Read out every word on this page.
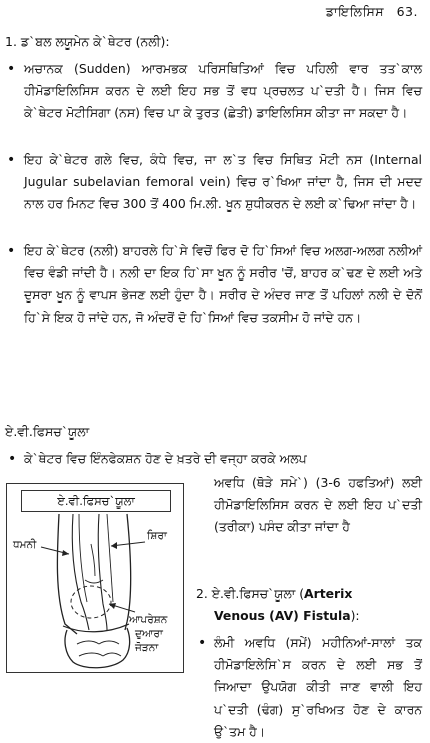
ਡਾਇਲਿਸਿਸ 63.
1. ਡ`ਬਲ ਲਯੂਮੇਨ ਕੇ`ਥੇਟਰ (ਨਲੀ):
• ਅਚਾਨਕ (Sudden) ਆਰਮਭਕ ਪਰਿਸਥਿਤਿਆਂ ਵਿਚ ਪਹਿਲੀ ਵਾਰ ਤਤ`ਕਾਲ ਹੀਮੋਡਾਇਲਿਸਿਸ ਕਰਨ ਦੇ ਲਈ ਇਹ ਸਭ ਤੋਂ ਵਧ ਪ੍ਰਚਲਤ ਪ`ਦਤੀ ਹੈ। ਜਿਸ ਵਿਚ ਕੇ`ਥੇਟਰ ਮੋਟੀਸਿਗਾ (ਨਸ) ਵਿਚ ਪਾ ਕੇ ਤੁਰਤ (ਛੇਤੀ) ਡਾਇਲਿਸਿਸ ਕੀਤਾ ਜਾ ਸਕਦਾ ਹੈ।
• ਇਹ ਕੇ`ਥੇਟਰ ਗਲੇ ਵਿਚ, ਕੰਧੇ ਵਿਚ, ਜਾ ਲ`ਤ ਵਿਚ ਸਿਥਿਤ ਮੋਟੀ ਨਸ (Internal Jugular subelavian femoral vein) ਵਿਚ ਰ`ਖਿਆ ਜਾਂਦਾ ਹੈ, ਜਿਸ ਦੀ ਮਦਦ ਨਾਲ ਹਰ ਮਿਨਟ ਵਿਚ 300 ਤੋਂ 400 ਮਿ.ਲੀ. ਖੂਨ ਸ਼ੁਧੀਕਰਨ ਦੇ ਲਈ ਕ`ਢਿਆ ਜਾਂਦਾ ਹੈ।
• ਇਹ ਕੇ`ਥੇਟਰ (ਨਲੀ) ਬਾਹਰਲੇ ਹਿ`ਸੇ ਵਿਚੋਂ ਫਿਰ ਦੋ ਹਿ`ਸਿਆਂ ਵਿਚ ਅਲਗ-ਅਲਗ ਨਲੀਆਂ ਵਿਚ ਵੰਡੀ ਜਾਂਦੀ ਹੈ। ਨਲੀ ਦਾ ਇਕ ਹਿ`ਸਾ ਖੂਨ ਨੂੰ ਸਰੀਰ 'ਚੋਂ, ਬਾਹਰ ਕ`ਢਣ ਦੇ ਲਈ ਅਤੇ ਦੂਸਰਾ ਖੂਨ ਨੂੰ ਵਾਪਸ ਭੇਜਣ ਲਈ ਹੁੰਦਾ ਹੈ। ਸਰੀਰ ਦੇ ਅੰਦਰ ਜਾਣ ਤੋਂ ਪਹਿਲਾਂ ਨਲੀ ਦੇ ਦੋਨੋਂ ਹਿ`ਸੇ ਇਕ ਹੋ ਜਾਂਦੇ ਹਨ, ਜੋ ਅੰਦਰੋਂ ਦੋ ਹਿ`ਸਿਆਂ ਵਿਚ ਤਕਸੀਮ ਹੋ ਜਾਂਦੇ ਹਨ।
ਏ.ਵੀ.ਫਿਸਚ`ਯੂਲਾ
• ਕੇ`ਥੇਟਰ ਵਿਚ ਇੰਨਫੇਕਸ਼ਨ ਹੋਣ ਦੇ ਖ਼ਤਰੇ ਦੀ ਵਜ੍ਹਾ ਕਰਕੇ ਅਲਪ
ਅਵਧਿ (ਥੋੜੇ ਸਮੇ`) (3-6 ਹਫਤਿਆਂ) ਲਈ ਹੀਮੋਡਾਇਲਿਸਿਸ ਕਰਨ ਦੇ ਲਈ ਇਹ ਪ`ਦਤੀ (ਤਰੀਕਾ) ਪਸੰਦ ਕੀਤਾ ਜਾਂਦਾ ਹੈ
2. ਏ.ਵੀ.ਫਿਸਚ`ਯੂਲਾ (Arterix
Venous (AV) Fistula):
• ਲੰਮੀ ਅਵਧਿ (ਸਮੇਂ) ਮਹੀਨਿਆਂ-ਸਾਲਾਂ ਤਕ ਹੀਮੋਡਾਇਲੇਸਿ`ਸ ਕਰਨ ਦੇ ਲਈ ਸਭ ਤੋਂ ਜਿਆਦਾ ਉਪਯੋਗ ਕੀਤੀ ਜਾਣ ਵਾਲੀ ਇਹ ਪ`ਦਤੀ (ਢੰਗ) ਸੁ`ਰਖਿਅਤ ਹੋਣ ਦੇ ਕਾਰਨ ਉ`ਤਮ ਹੈ।
ਏ.ਵੀ.ਫਿਸਚ`ਯੂਲਾ
ਧਮਨੀ
ਸ਼ਿਰਾ
ਆਪਰੇਸ਼ਨ
ਦੁਆਰਾ
ਜੋੜਨਾ
